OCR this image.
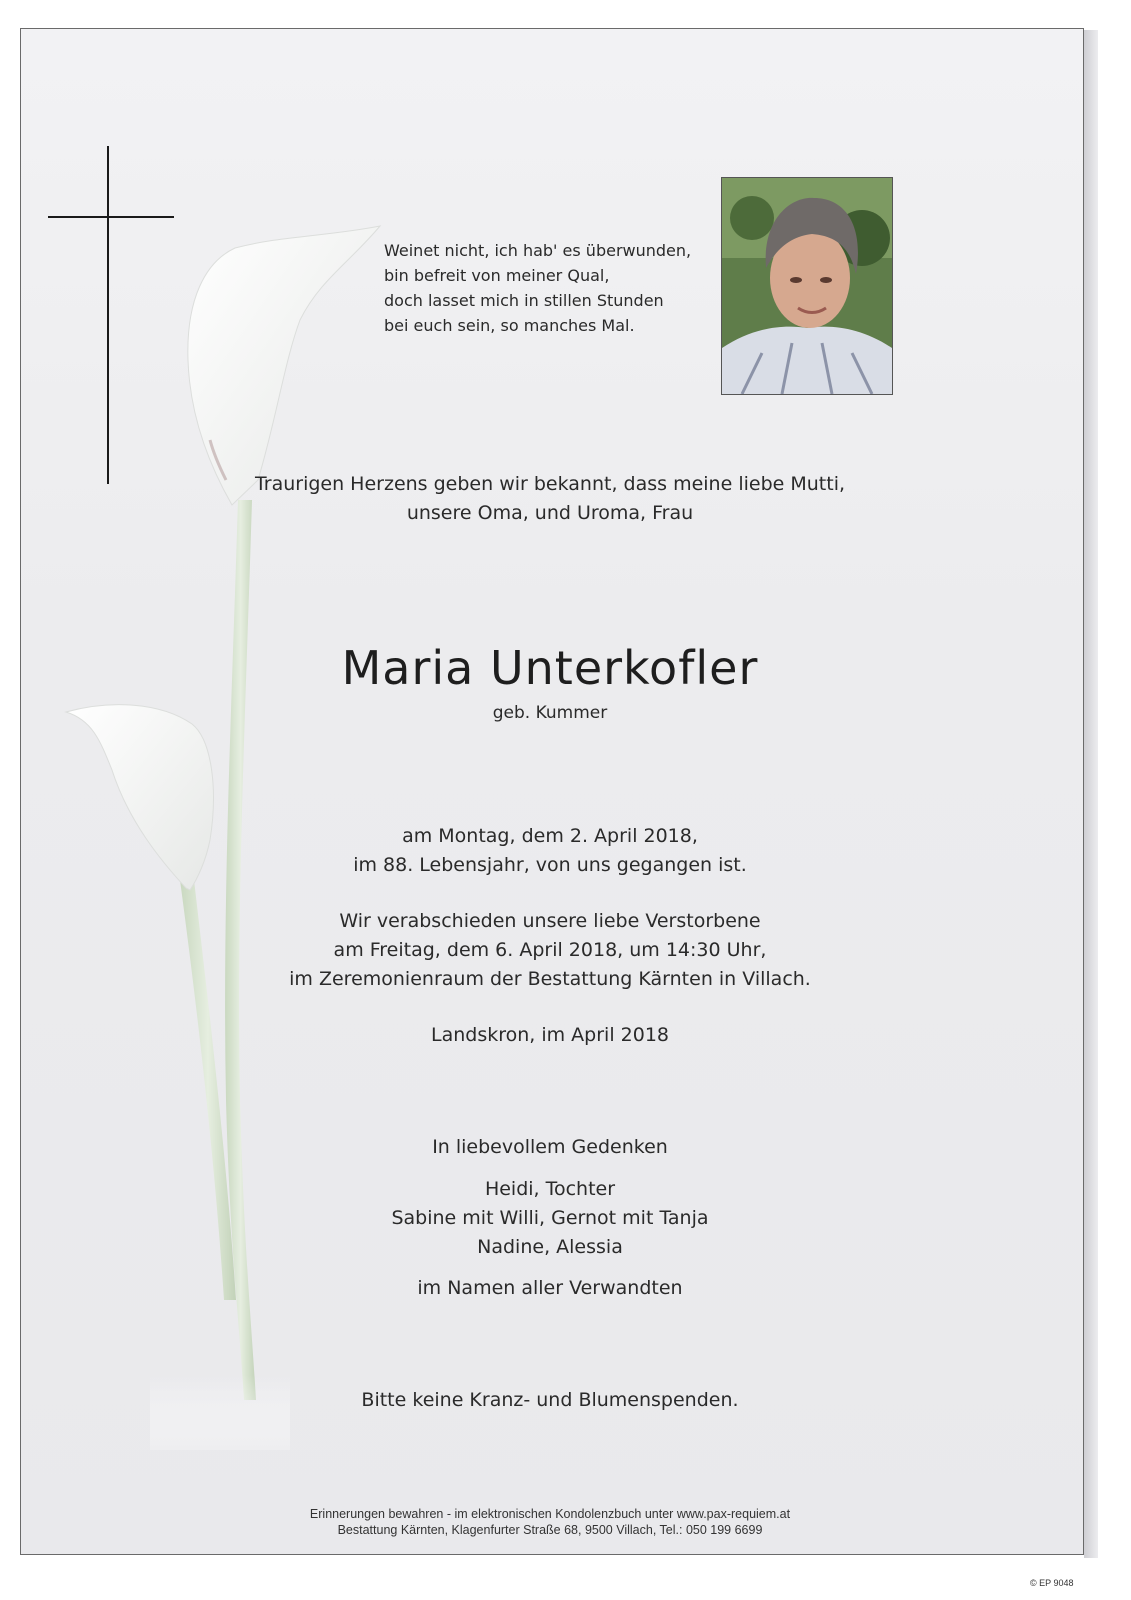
Weinet nicht, ich hab' es überwunden,
bin befreit von meiner Qual,
doch lasset mich in stillen Stunden
bei euch sein, so manches Mal.
Traurigen Herzens geben wir bekannt, dass meine liebe Mutti,
unsere Oma, und Uroma, Frau
Maria Unterkofler
geb. Kummer
am Montag, dem 2. April 2018,
im 88. Lebensjahr, von uns gegangen ist.
Wir verabschieden unsere liebe Verstorbene
am Freitag, dem 6. April 2018, um 14:30 Uhr,
im Zeremonienraum der Bestattung Kärnten in Villach.
Landskron, im April 2018
In liebevollem Gedenken
Heidi, Tochter
Sabine mit Willi, Gernot mit Tanja
Nadine, Alessia
im Namen aller Verwandten
Bitte keine Kranz- und Blumenspenden.
Erinnerungen bewahren - im elektronischen Kondolenzbuch unter www.pax-requiem.at
Bestattung Kärnten, Klagenfurter Straße 68, 9500 Villach, Tel.: 050 199 6699
© EP 9048
